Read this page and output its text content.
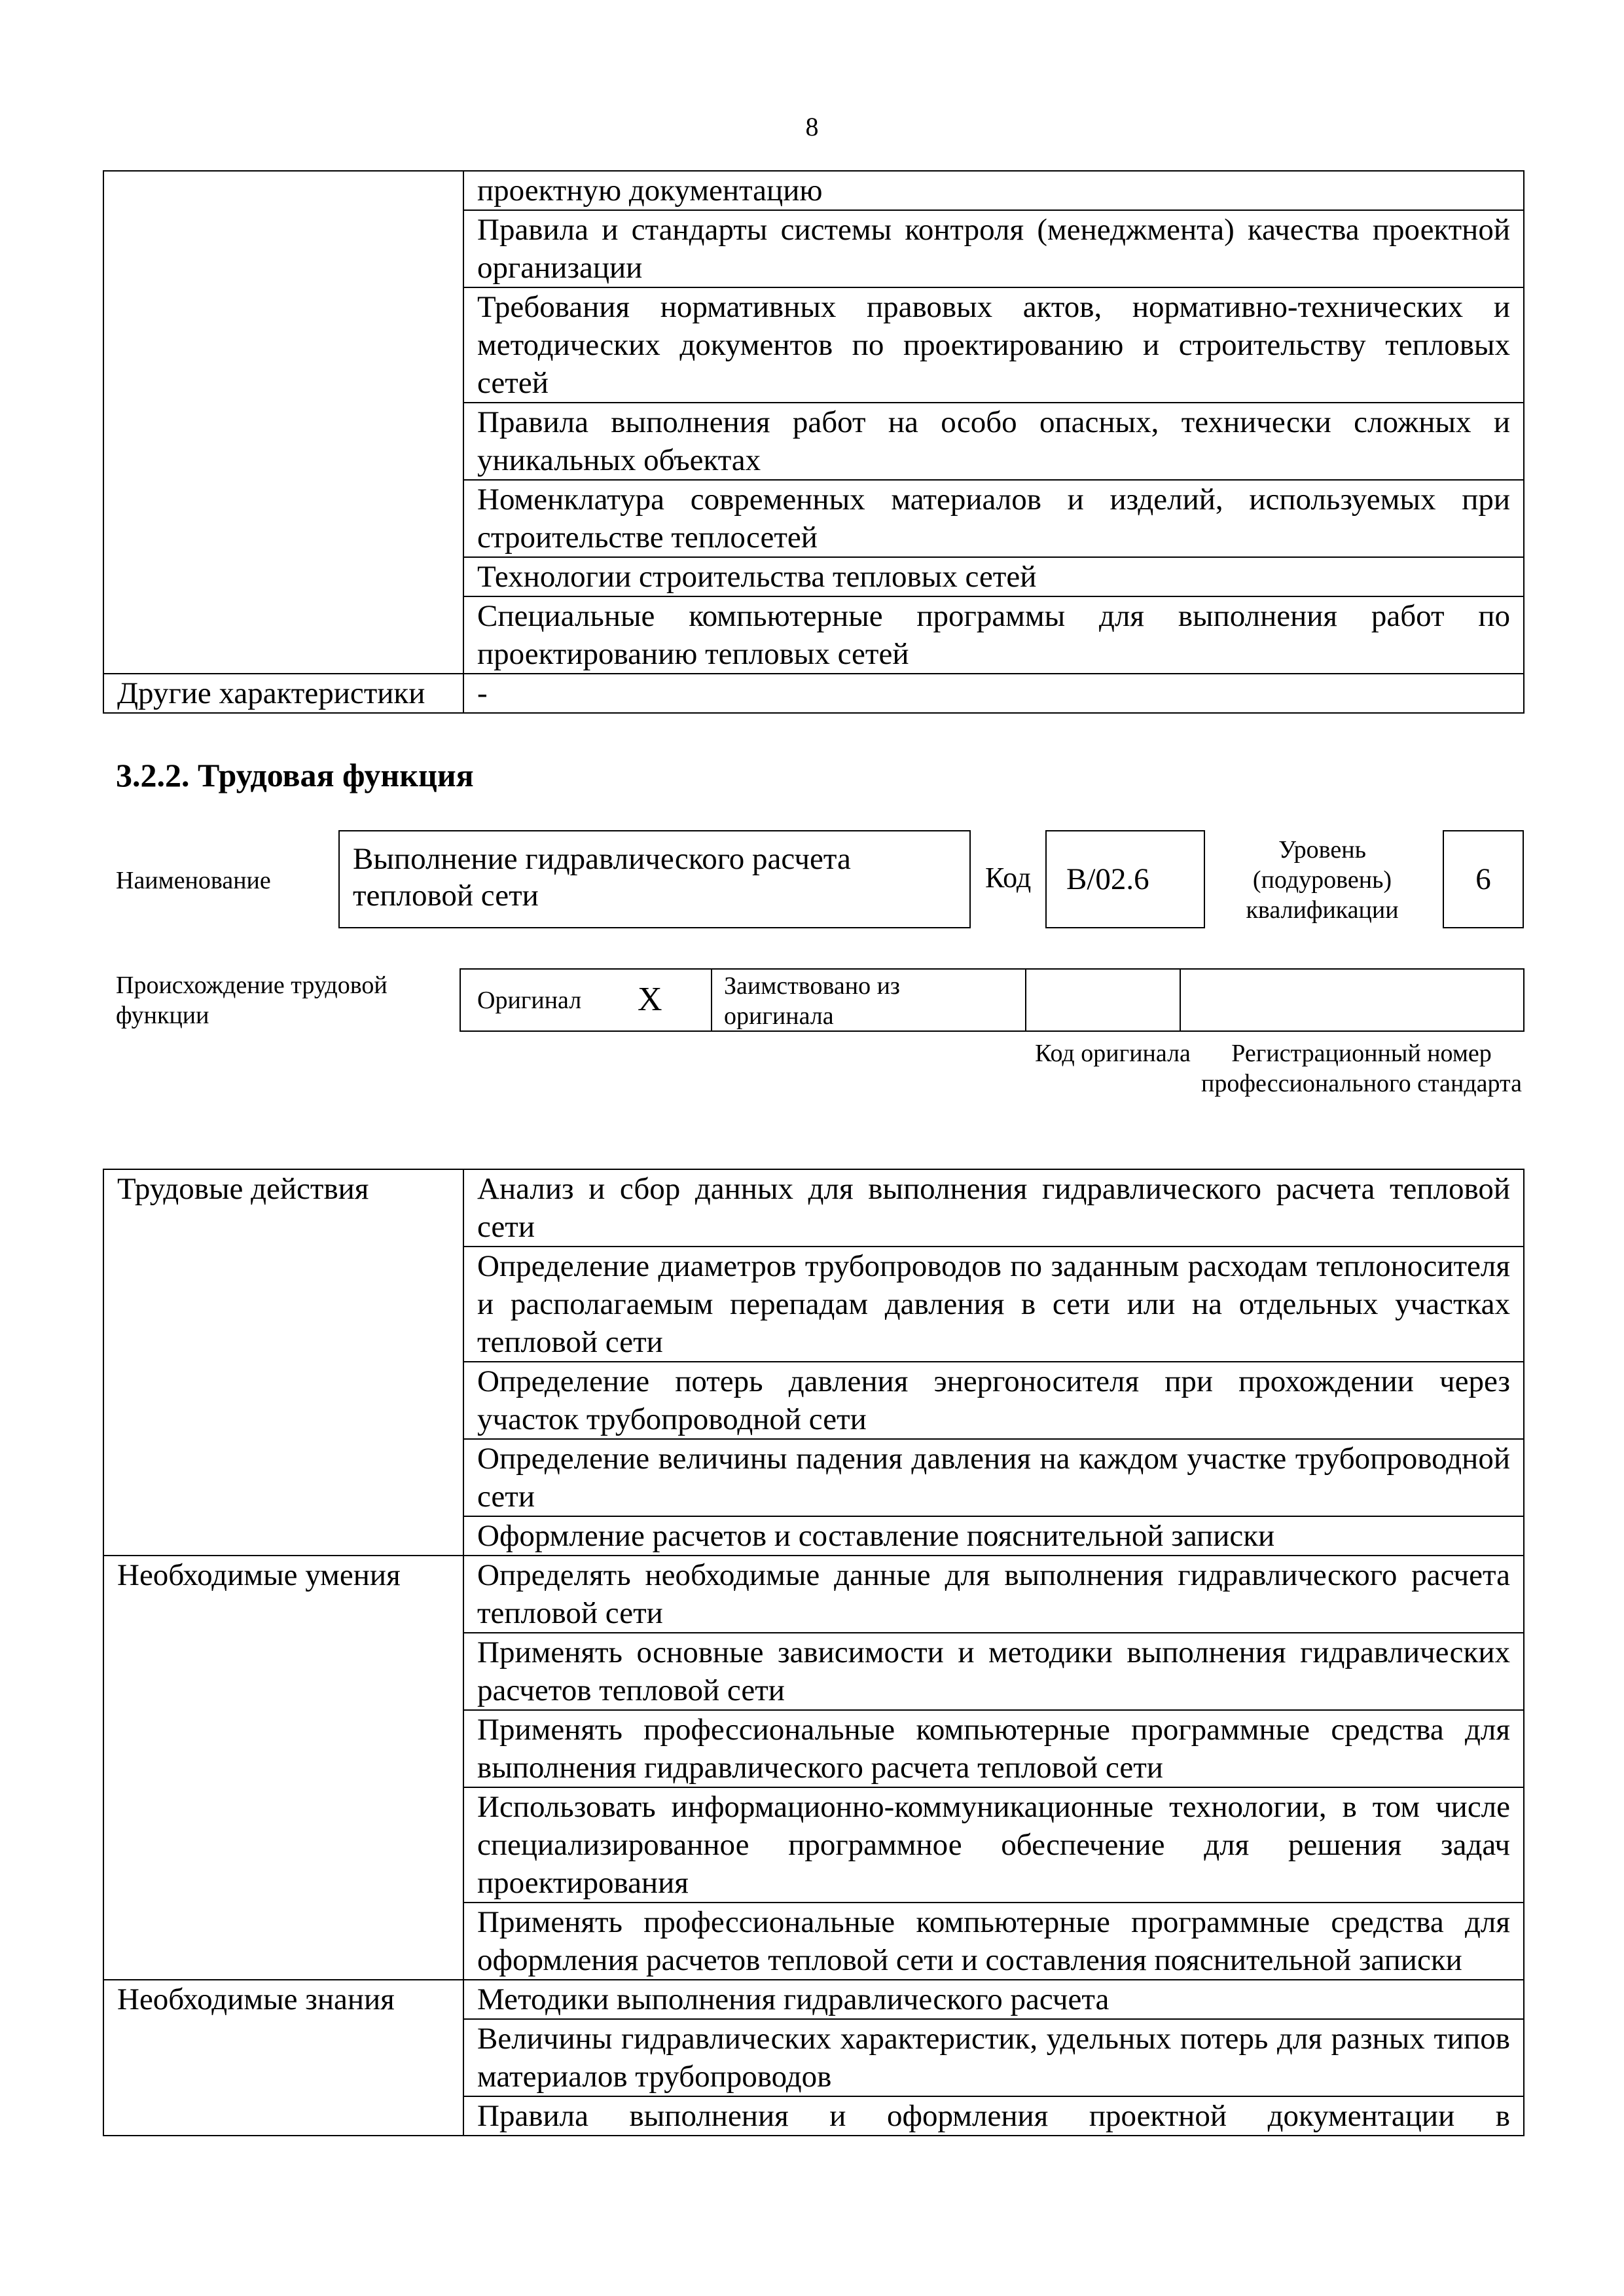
8
	проектную документацию
	Правила и стандарты системы контроля (менеджмента) качества проектной организации
	Требования нормативных правовых актов, нормативно-технических и методических документов по проектированию и строительству тепловых сетей
	Правила выполнения работ на особо опасных, технически сложных и уникальных объектах
	Номенклатура современных материалов и изделий, используемых при строительстве теплосетей
	Технологии строительства тепловых сетей
	Специальные компьютерные программы для выполнения работ по проектированию тепловых сетей
Другие характеристики	-
3.2.2. Трудовая функция
Наименование
Выполнение гидравлического расчета тепловой сети
Код	B/02.6
Уровень (подуровень) квалификации
6
Происхождение трудовой функции
Оригинал X Заимствовано из оригинала
Код оригинала	Регистрационный номер профессионального стандарта
Трудовые действия	Анализ и сбор данных для выполнения гидравлического расчета тепловой сети
	Определение диаметров трубопроводов по заданным расходам теплоносителя и располагаемым перепадам давления в сети или на отдельных участках тепловой сети
	Определение потерь давления энергоносителя при прохождении через участок трубопроводной сети
	Определение величины падения давления на каждом участке трубопроводной сети
	Оформление расчетов и составление пояснительной записки
Необходимые умения	Определять необходимые данные для выполнения гидравлического расчета тепловой сети
	Применять основные зависимости и методики выполнения гидравлических расчетов тепловой сети
	Применять профессиональные компьютерные программные средства для выполнения гидравлического расчета тепловой сети
	Использовать информационно-коммуникационные технологии, в том числе специализированное программное обеспечение для решения задач проектирования
	Применять профессиональные компьютерные программные средства для оформления расчетов тепловой сети и составления пояснительной записки
Необходимые знания	Методики выполнения гидравлического расчета
	Величины гидравлических характеристик, удельных потерь для разных типов материалов трубопроводов
	Правила выполнения и оформления проектной документации в
